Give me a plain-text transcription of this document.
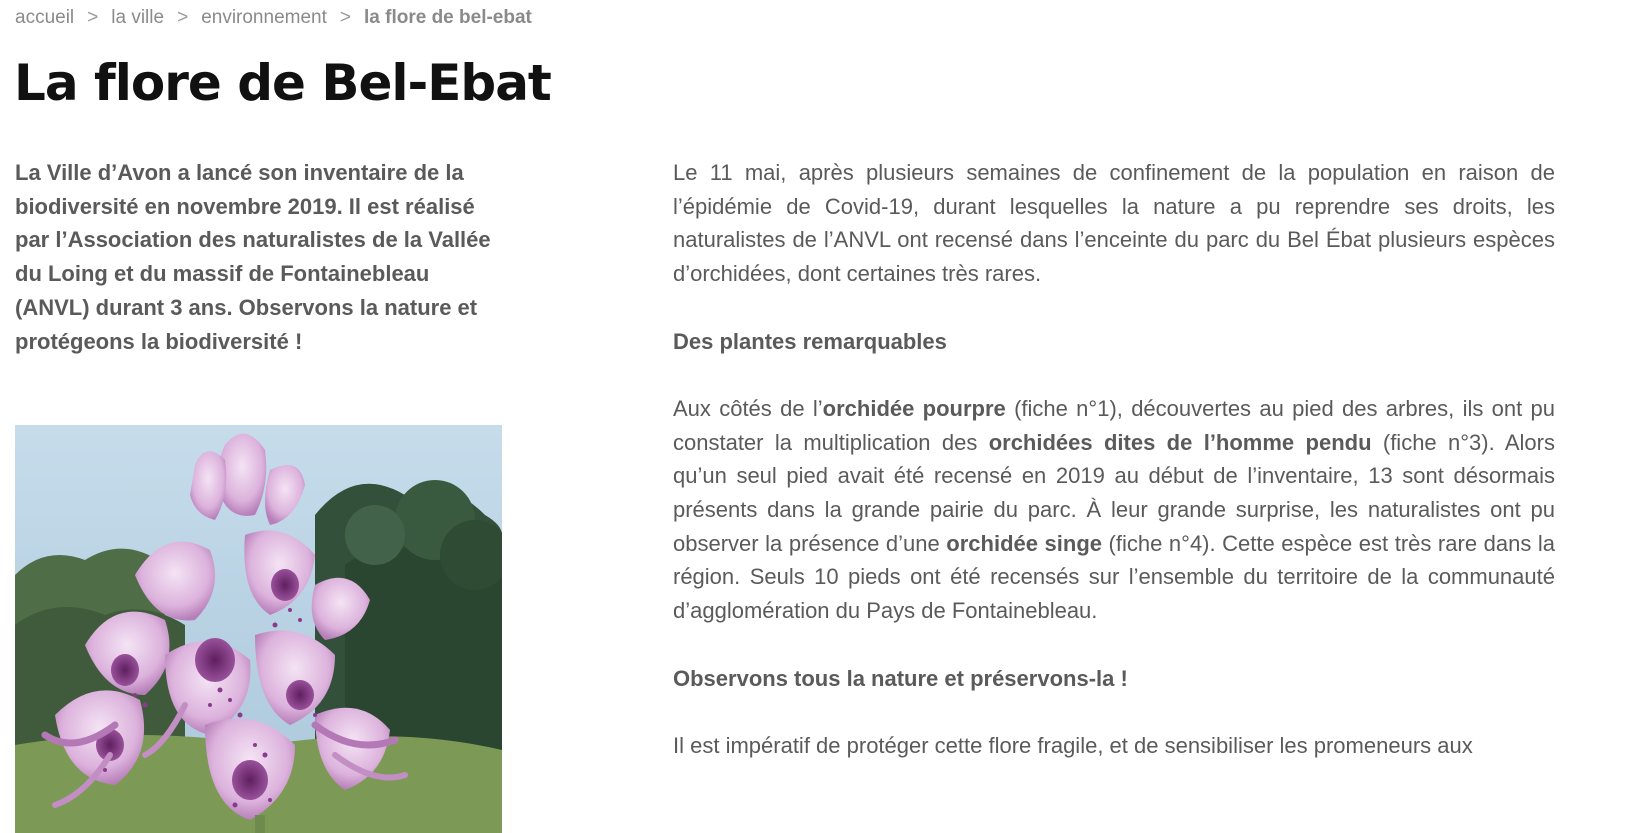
accueil > la ville > environnement > la flore de bel-ebat
La flore de Bel-Ebat

La Ville d’Avon a lancé son inventaire de la biodiversité en novembre 2019. Il est réalisé par l’Association des naturalistes de la Vallée du Loing et du massif de Fontainebleau (ANVL) durant 3 ans. Observons la nature et protégeons la biodiversité !

Le 11 mai, après plusieurs semaines de confinement de la population en raison de l’épidémie de Covid-19, durant lesquelles la nature a pu reprendre ses droits, les naturalistes de l’ANVL ont recensé dans l’enceinte du parc du Bel Ébat plusieurs espèces d’orchidées, dont certaines très rares.

Des plantes remarquables

Aux côtés de l’orchidée pourpre (fiche n°1), découvertes au pied des arbres, ils ont pu constater la multiplication des orchidées dites de l’homme pendu (fiche n°3). Alors qu’un seul pied avait été recensé en 2019 au début de l’inventaire, 13 sont désormais présents dans la grande pairie du parc. À leur grande surprise, les naturalistes ont pu observer la présence d’une orchidée singe (fiche n°4). Cette espèce est très rare dans la région. Seuls 10 pieds ont été recensés sur l’ensemble du territoire de la communauté d’agglomération du Pays de Fontainebleau.

Observons tous la nature et préservons-la !

Il est impératif de protéger cette flore fragile, et de sensibiliser les promeneurs aux
